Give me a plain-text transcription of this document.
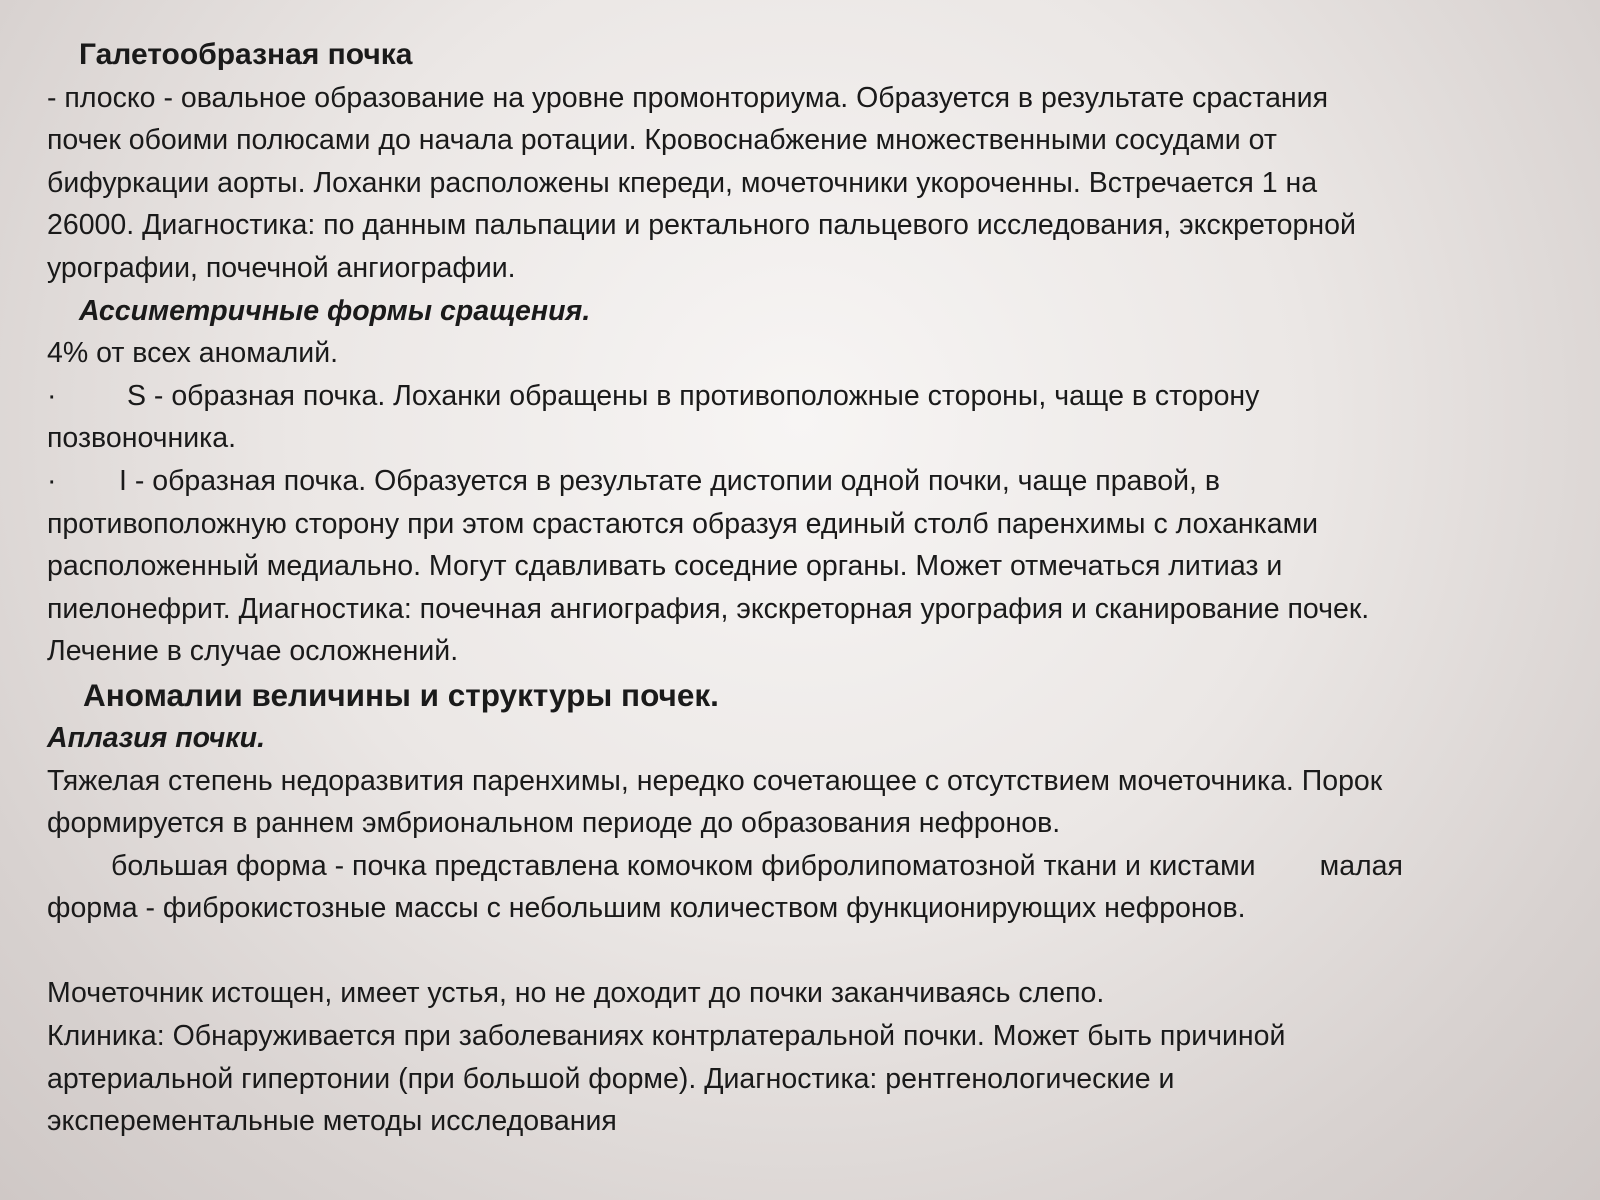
Галетообразная почка

- плоско - овальное образование на уровне промонториума. Образуется в результате срастания

почек обоими полюсами до начала ротации. Кровоснабжение множественными сосудами от

бифуркации аорты. Лоханки расположены кпереди, мочеточники укороченны. Встречается 1 на

26000. Диагностика: по данным пальпации и ректального пальцевого исследования, экскреторной

урографии, почечной ангиографии.

Ассиметричные формы сращения.

4% от всех аномалий.

· S - образная почка. Лоханки обращены в противоположные стороны, чаще в сторону

позвоночника.

· I - образная почка. Образуется в результате дистопии одной почки, чаще правой, в

противоположную сторону при этом срастаются образуя единый столб паренхимы с лоханками

расположенный медиально. Могут сдавливать соседние органы. Может отмечаться литиаз и

пиелонефрит. Диагностика: почечная ангиография, экскреторная урография и сканирование почек.

Лечение в случае осложнений.

Аномалии величины и структуры почек.

Аплазия почки.

Тяжелая степень недоразвития паренхимы, нередко сочетающее с отсутствием мочеточника. Порок

формируется в раннем эмбриональном периоде до образования нефронов.

большая форма - почка представлена комочком фибролипоматозной ткани и кистами малая

форма - фиброкистозные массы с небольшим количеством функционирующих нефронов.

Мочеточник истощен, имеет устья, но не доходит до почки заканчиваясь слепо.

Клиника: Обнаруживается при заболеваниях контрлатеральной почки. Может быть причиной

артериальной гипертонии (при большой форме). Диагностика: рентгенологические и

эксперементальные методы исследования
